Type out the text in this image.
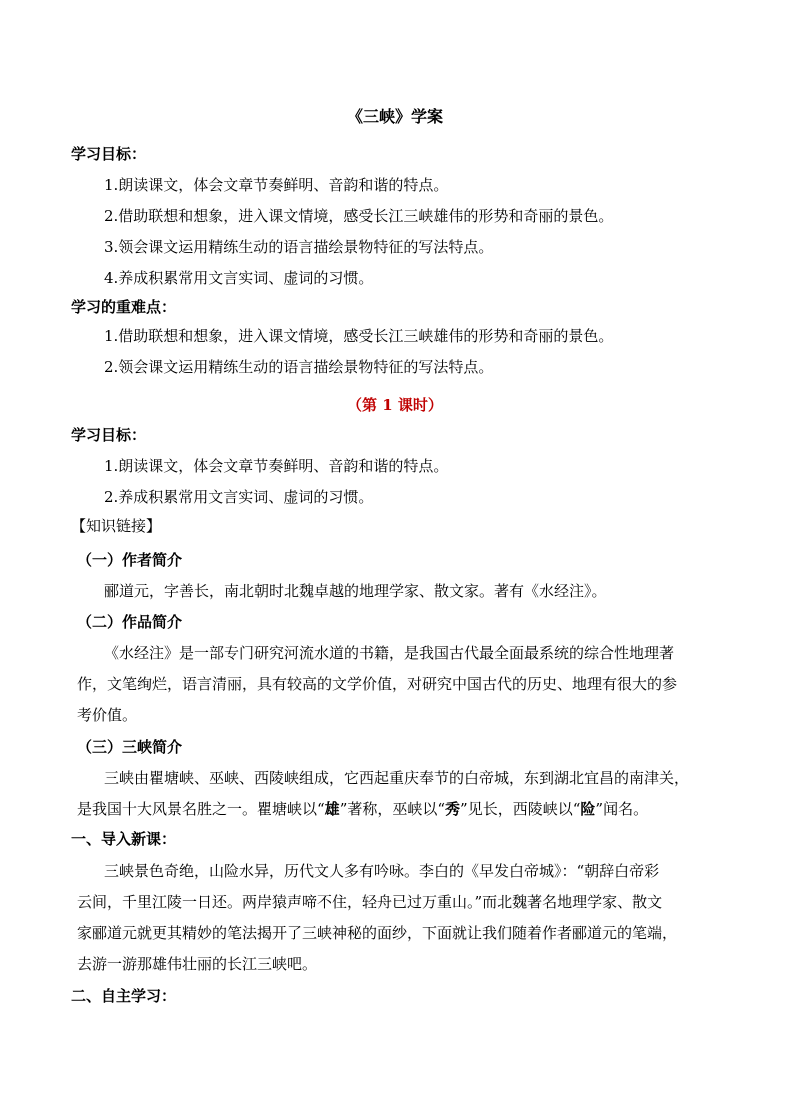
《三峡》学案
学习目标：
1.朗读课文，体会文章节奏鲜明、音韵和谐的特点。
2.借助联想和想象，进入课文情境，感受长江三峡雄伟的形势和奇丽的景色。
3.领会课文运用精练生动的语言描绘景物特征的写法特点。
4.养成积累常用文言实词、虚词的习惯。
学习的重难点：
1.借助联想和想象，进入课文情境，感受长江三峡雄伟的形势和奇丽的景色。
2.领会课文运用精练生动的语言描绘景物特征的写法特点。
（第 1 课时）
学习目标：
1.朗读课文，体会文章节奏鲜明、音韵和谐的特点。
2.养成积累常用文言实词、虚词的习惯。
【知识链接】
（一）作者简介
郦道元，字善长，南北朝时北魏卓越的地理学家、散文家。著有《水经注》。
（二）作品简介
《水经注》是一部专门研究河流水道的书籍，是我国古代最全面最系统的综合性地理著
作，文笔绚烂，语言清丽，具有较高的文学价值，对研究中国古代的历史、地理有很大的参
考价值。
（三）三峡简介
三峡由瞿塘峡、巫峡、西陵峡组成，它西起重庆奉节的白帝城，东到湖北宜昌的南津关，
是我国十大风景名胜之一。瞿塘峡以“雄”著称，巫峡以“秀”见长，西陵峡以“险”闻名。
一、导入新课：
三峡景色奇绝，山险水异，历代文人多有吟咏。李白的《早发白帝城》：“朝辞白帝彩
云间，千里江陵一日还。两岸猿声啼不住，轻舟已过万重山。”而北魏著名地理学家、散文
家郦道元就更其精妙的笔法揭开了三峡神秘的面纱，下面就让我们随着作者郦道元的笔端，
去游一游那雄伟壮丽的长江三峡吧。
二、自主学习：
